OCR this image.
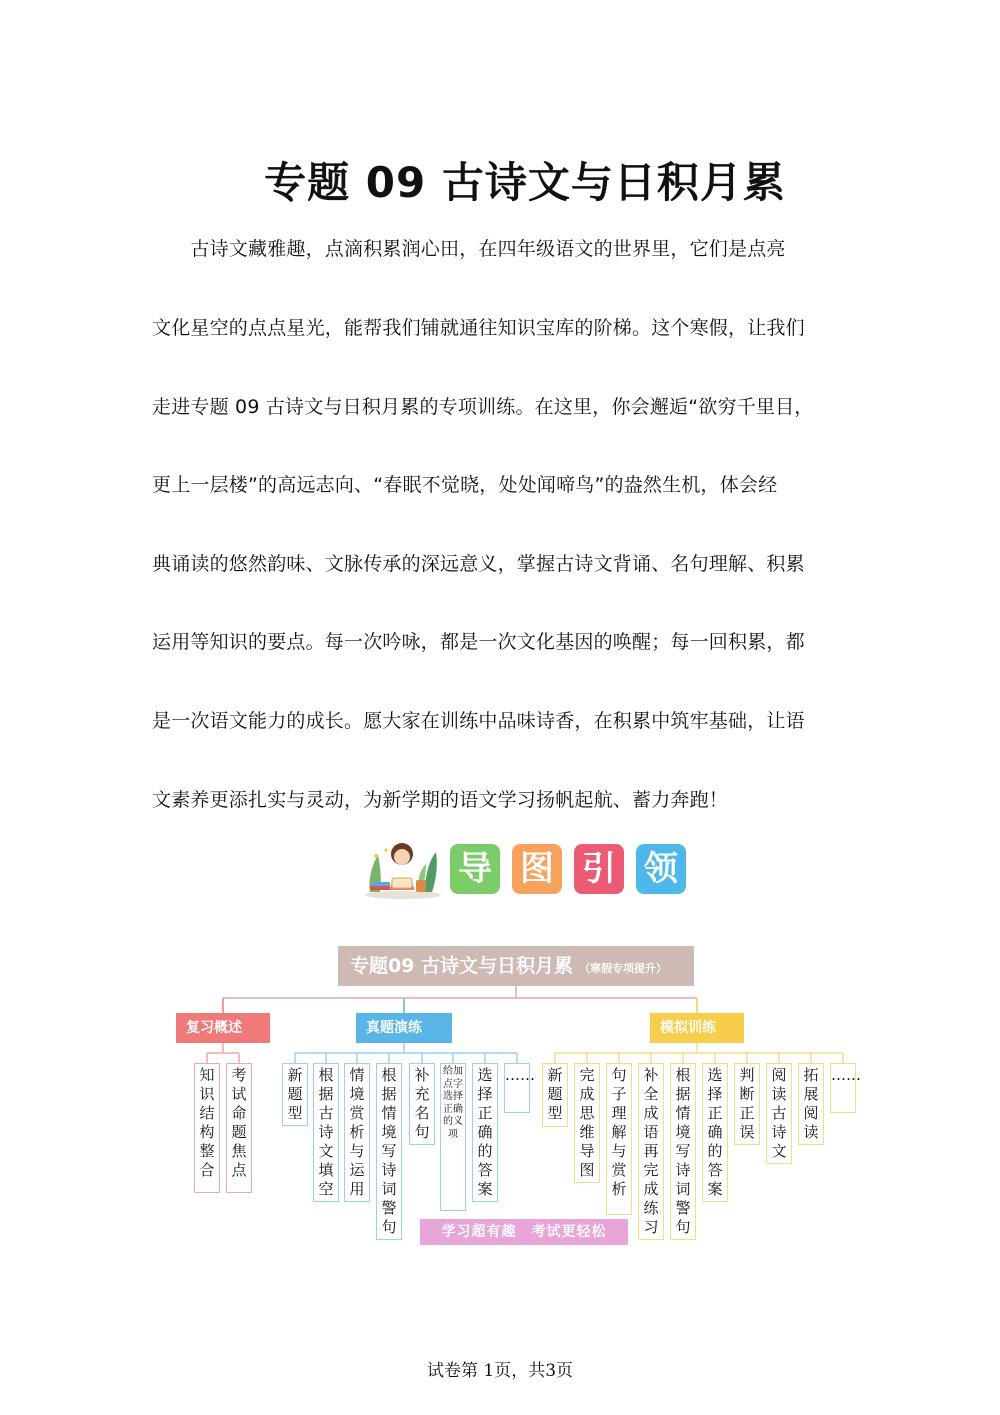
专题 09 古诗文与日积月累
　　古诗文藏雅趣，点滴积累润心田，在四年级语文的世界里，它们是点亮
文化星空的点点星光，能帮我们铺就通往知识宝库的阶梯。这个寒假，让我们
走进专题 09 古诗文与日积月累的专项训练。在这里，你会邂逅“欲穷千里目，
更上一层楼”的高远志向、“春眠不觉晓，处处闻啼鸟”的盎然生机，体会经
典诵读的悠然韵味、文脉传承的深远意义，掌握古诗文背诵、名句理解、积累
运用等知识的要点。每一次吟咏，都是一次文化基因的唤醒；每一回积累，都
是一次语文能力的成长。愿大家在训练中品味诗香，在积累中筑牢基础，让语
文素养更添扎实与灵动，为新学期的语文学习扬帆起航、蓄力奔跑！
导 图 引 领
专题09 古诗文与日积月累 （寒假专项提升）
学习超有趣　考试更轻松
复习概述
知识结构整合
考试命题焦点
真题演练
新题型
根据古诗文填空
情境赏析与运用
根据情境写诗词警句
补充名句
给加点字选择正确的义项
选择正确的答案
……
模拟训练
新题型
完成思维导图
句子理解与赏析
补全成语再完成练习
根据情境写诗词警句
选择正确的答案
判断正误
阅读古诗文
拓展阅读
……
试卷第 1页，共3页
